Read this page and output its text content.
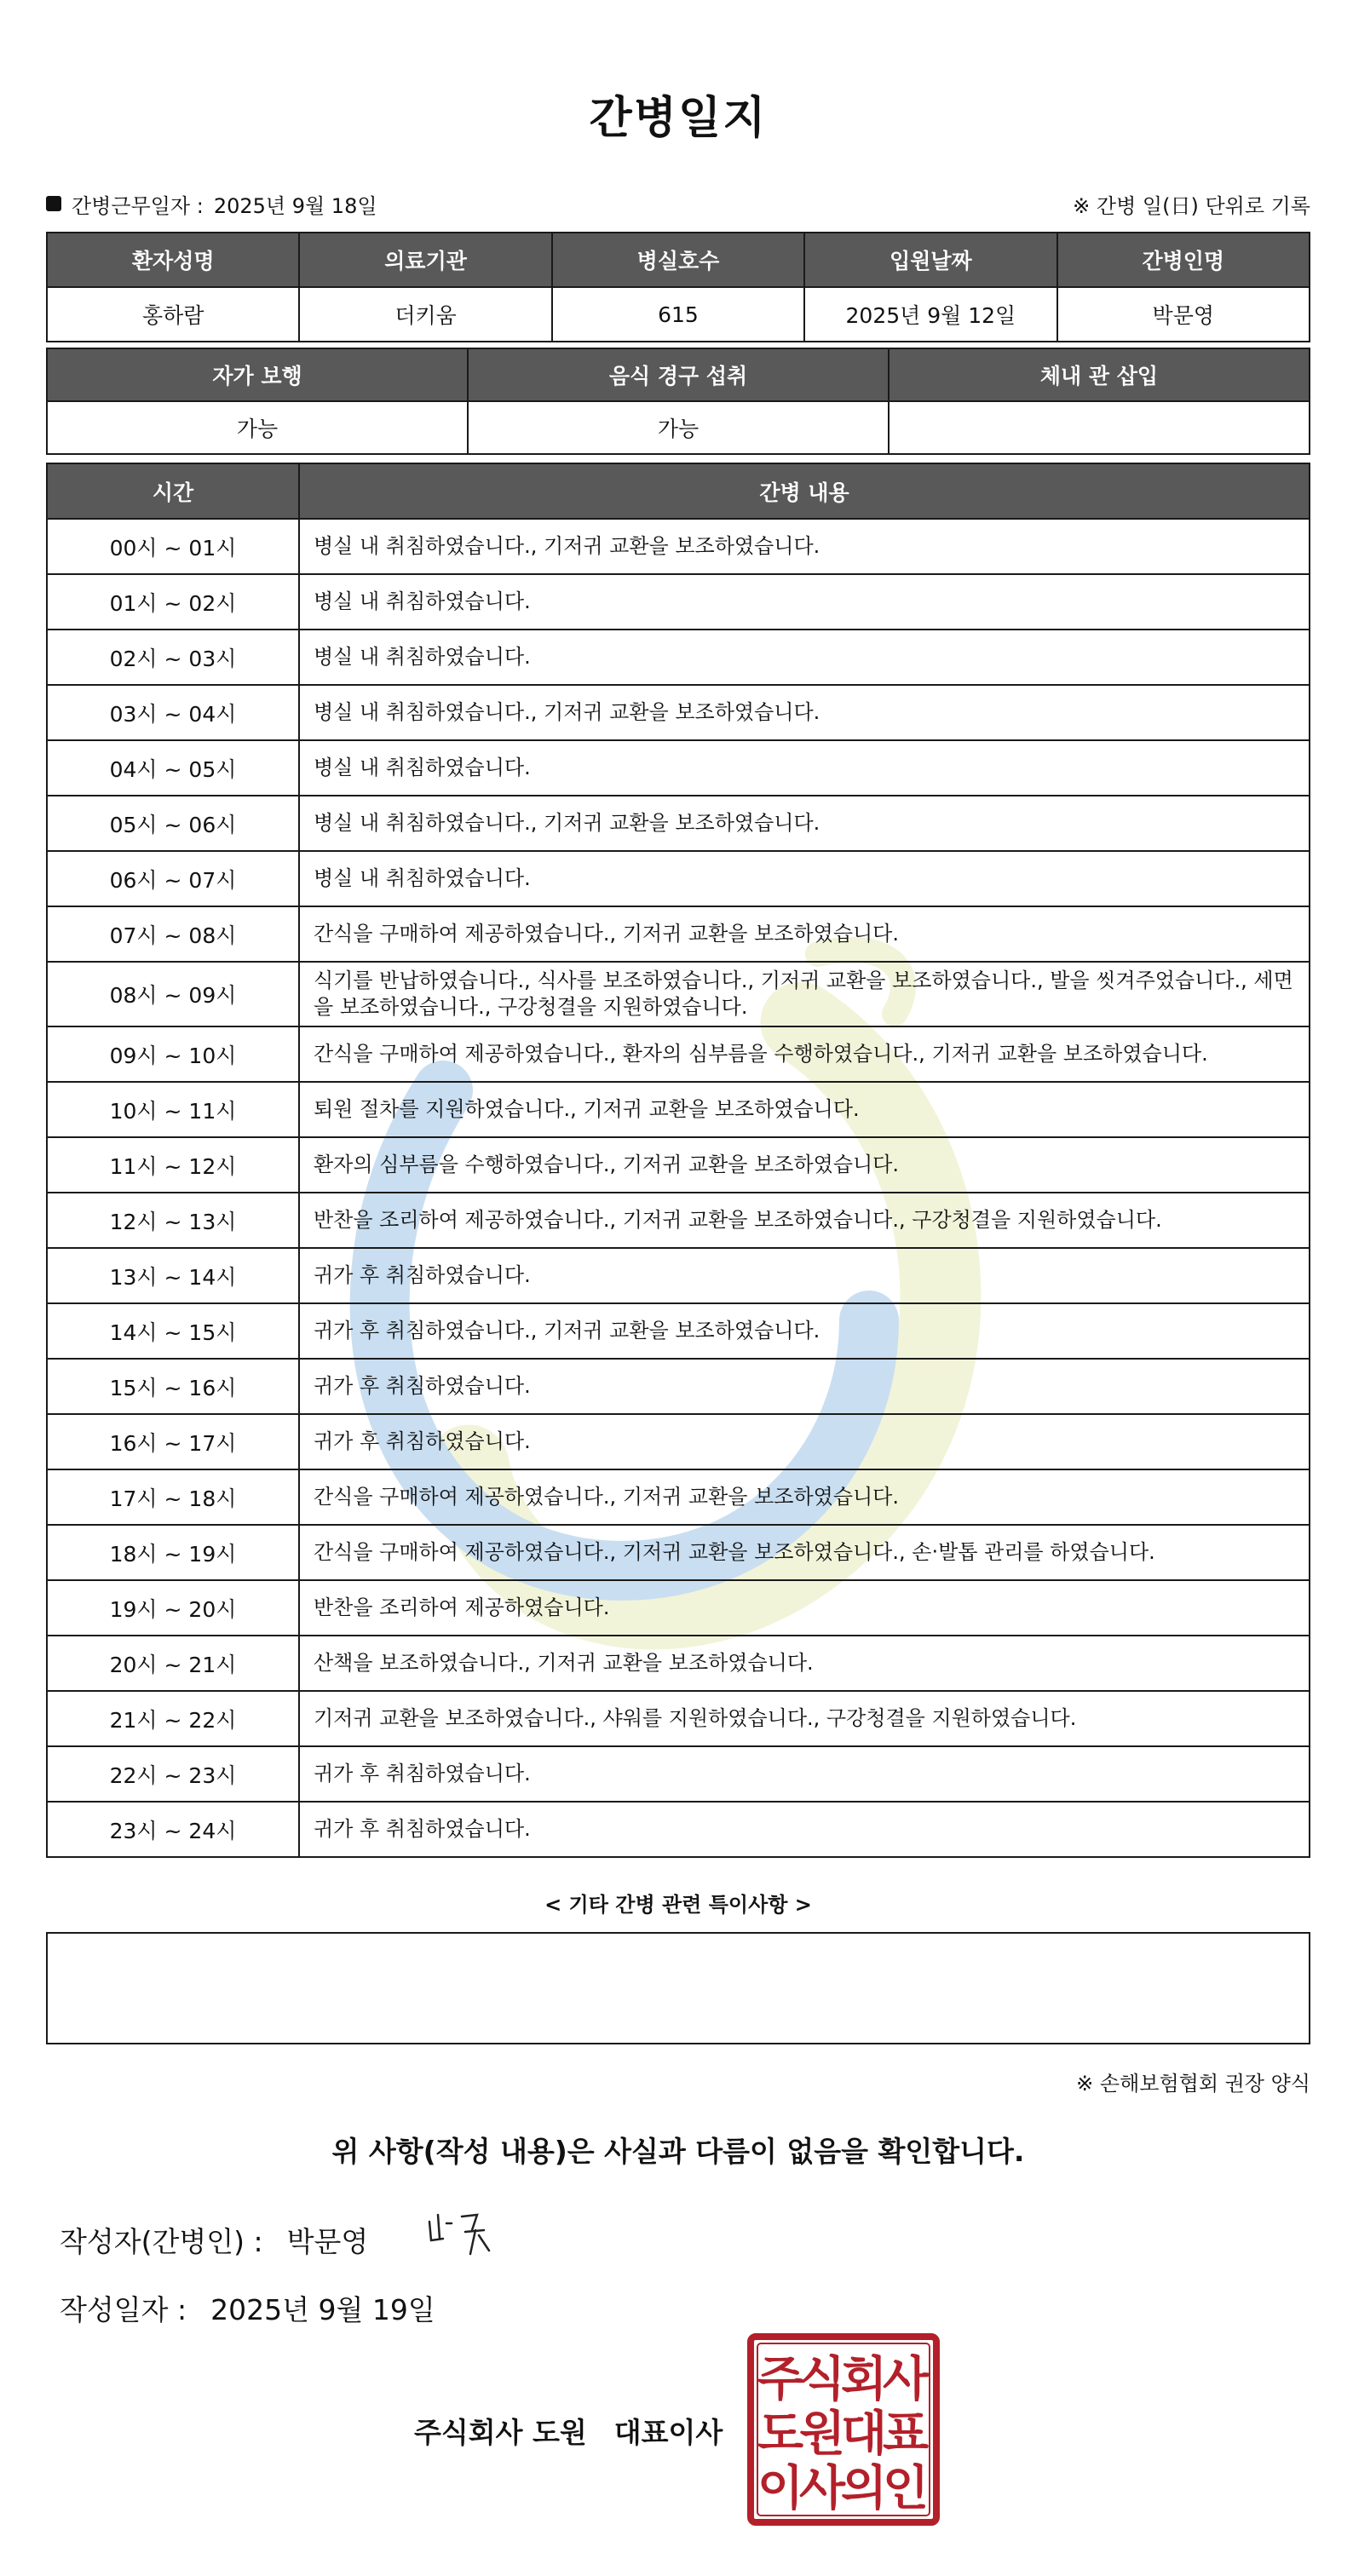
간병일지
간병근무일자 : 2025년 9월 18일	※ 간병 일(日) 단위로 기록
환자성명	의료기관	병실호수	입원날짜	간병인명
홍하람	더키움	615	2025년 9월 12일	박문영
자가 보행	음식 경구 섭취	체내 관 삽입
가능	가능	
시간	간병 내용
00시 ~ 01시	병실 내 취침하였습니다., 기저귀 교환을 보조하였습니다.
01시 ~ 02시	병실 내 취침하였습니다.
02시 ~ 03시	병실 내 취침하였습니다.
03시 ~ 04시	병실 내 취침하였습니다., 기저귀 교환을 보조하였습니다.
04시 ~ 05시	병실 내 취침하였습니다.
05시 ~ 06시	병실 내 취침하였습니다., 기저귀 교환을 보조하였습니다.
06시 ~ 07시	병실 내 취침하였습니다.
07시 ~ 08시	간식을 구매하여 제공하였습니다., 기저귀 교환을 보조하였습니다.
08시 ~ 09시	식기를 반납하였습니다., 식사를 보조하였습니다., 기저귀 교환을 보조하였습니다., 발을 씻겨주었습니다., 세면을 보조하였습니다., 구강청결을 지원하였습니다.
09시 ~ 10시	간식을 구매하여 제공하였습니다., 환자의 심부름을 수행하였습니다., 기저귀 교환을 보조하였습니다.
10시 ~ 11시	퇴원 절차를 지원하였습니다., 기저귀 교환을 보조하였습니다.
11시 ~ 12시	환자의 심부름을 수행하였습니다., 기저귀 교환을 보조하였습니다.
12시 ~ 13시	반찬을 조리하여 제공하였습니다., 기저귀 교환을 보조하였습니다., 구강청결을 지원하였습니다.
13시 ~ 14시	귀가 후 취침하였습니다.
14시 ~ 15시	귀가 후 취침하였습니다., 기저귀 교환을 보조하였습니다.
15시 ~ 16시	귀가 후 취침하였습니다.
16시 ~ 17시	귀가 후 취침하였습니다.
17시 ~ 18시	간식을 구매하여 제공하였습니다., 기저귀 교환을 보조하였습니다.
18시 ~ 19시	간식을 구매하여 제공하였습니다., 기저귀 교환을 보조하였습니다., 손‧발톱 관리를 하였습니다.
19시 ~ 20시	반찬을 조리하여 제공하였습니다.
20시 ~ 21시	산책을 보조하였습니다., 기저귀 교환을 보조하였습니다.
21시 ~ 22시	기저귀 교환을 보조하였습니다., 샤워를 지원하였습니다., 구강청결을 지원하였습니다.
22시 ~ 23시	귀가 후 취침하였습니다.
23시 ~ 24시	귀가 후 취침하였습니다.
< 기타 간병 관련 특이사항 >
※ 손해보험협회 권장 양식
위 사항(작성 내용)은 사실과 다름이 없음을 확인합니다.
작성자(간병인) : 박문영
작성일자 : 2025년 9월 19일
주식회사 도원 대표이사
주
식
회
사
도
원
대
표
이
사
의
인
